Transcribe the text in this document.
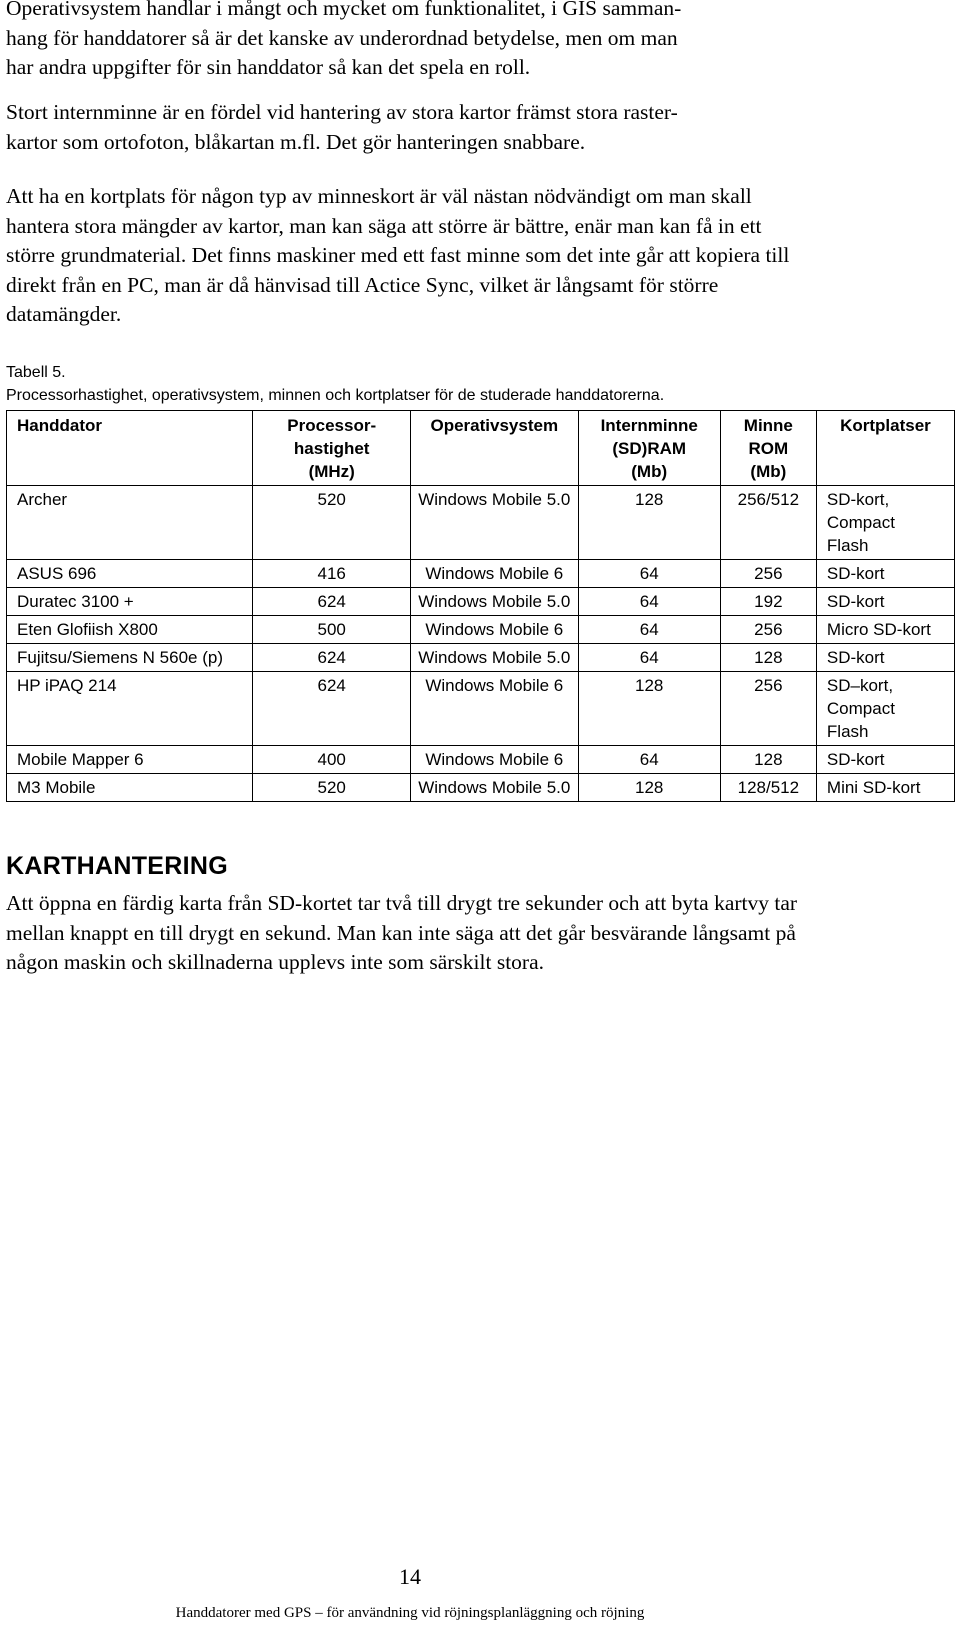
Operativsystem handlar i mångt och mycket om funktionalitet, i GIS samman-
hang för handdatorer så är det kanske av underordnad betydelse, men om man
har andra uppgifter för sin handdator så kan det spela en roll.
Stort internminne är en fördel vid hantering av stora kartor främst stora raster-
kartor som ortofoton, blåkartan m.fl. Det gör hanteringen snabbare.
Att ha en kortplats för någon typ av minneskort är väl nästan nödvändigt om man skall hantera stora mängder av kartor, man kan säga att större är bättre, enär man kan få in ett större grundmaterial. Det finns maskiner med ett fast minne som det inte går att kopiera till direkt från en PC, man är då hänvisad till Actice Sync, vilket är långsamt för större datamängder.
Tabell 5.
Processorhastighet, operativsystem, minnen och kortplatser för de studerade handdatorerna.
Handdator	Processor-
hastighet
(MHz)	Operativsystem	Internminne
(SD)RAM
(Mb)	Minne
ROM
(Mb)	Kortplatser
Archer	520	Windows Mobile 5.0	128	256/512	SD-kort,
Compact
Flash
ASUS 696	416	Windows Mobile 6	64	256	SD-kort
Duratec 3100 +	624	Windows Mobile 5.0	64	192	SD-kort
Eten Glofiish X800	500	Windows Mobile 6	64	256	Micro SD-kort
Fujitsu/Siemens N 560e (p)	624	Windows Mobile 5.0	64	128	SD-kort
HP iPAQ 214	624	Windows Mobile 6	128	256	SD–kort,
Compact
Flash
Mobile Mapper 6	400	Windows Mobile 6	64	128	SD-kort
M3 Mobile	520	Windows Mobile 5.0	128	128/512	Mini SD-kort
KARTHANTERING
Att öppna en färdig karta från SD-kortet tar två till drygt tre sekunder och att byta kartvy tar mellan knappt en till drygt en sekund. Man kan inte säga att det går besvärande långsamt på någon maskin och skillnaderna upplevs inte som särskilt stora.
14
Handdatorer med GPS – för användning vid röjningsplanläggning och röjning
